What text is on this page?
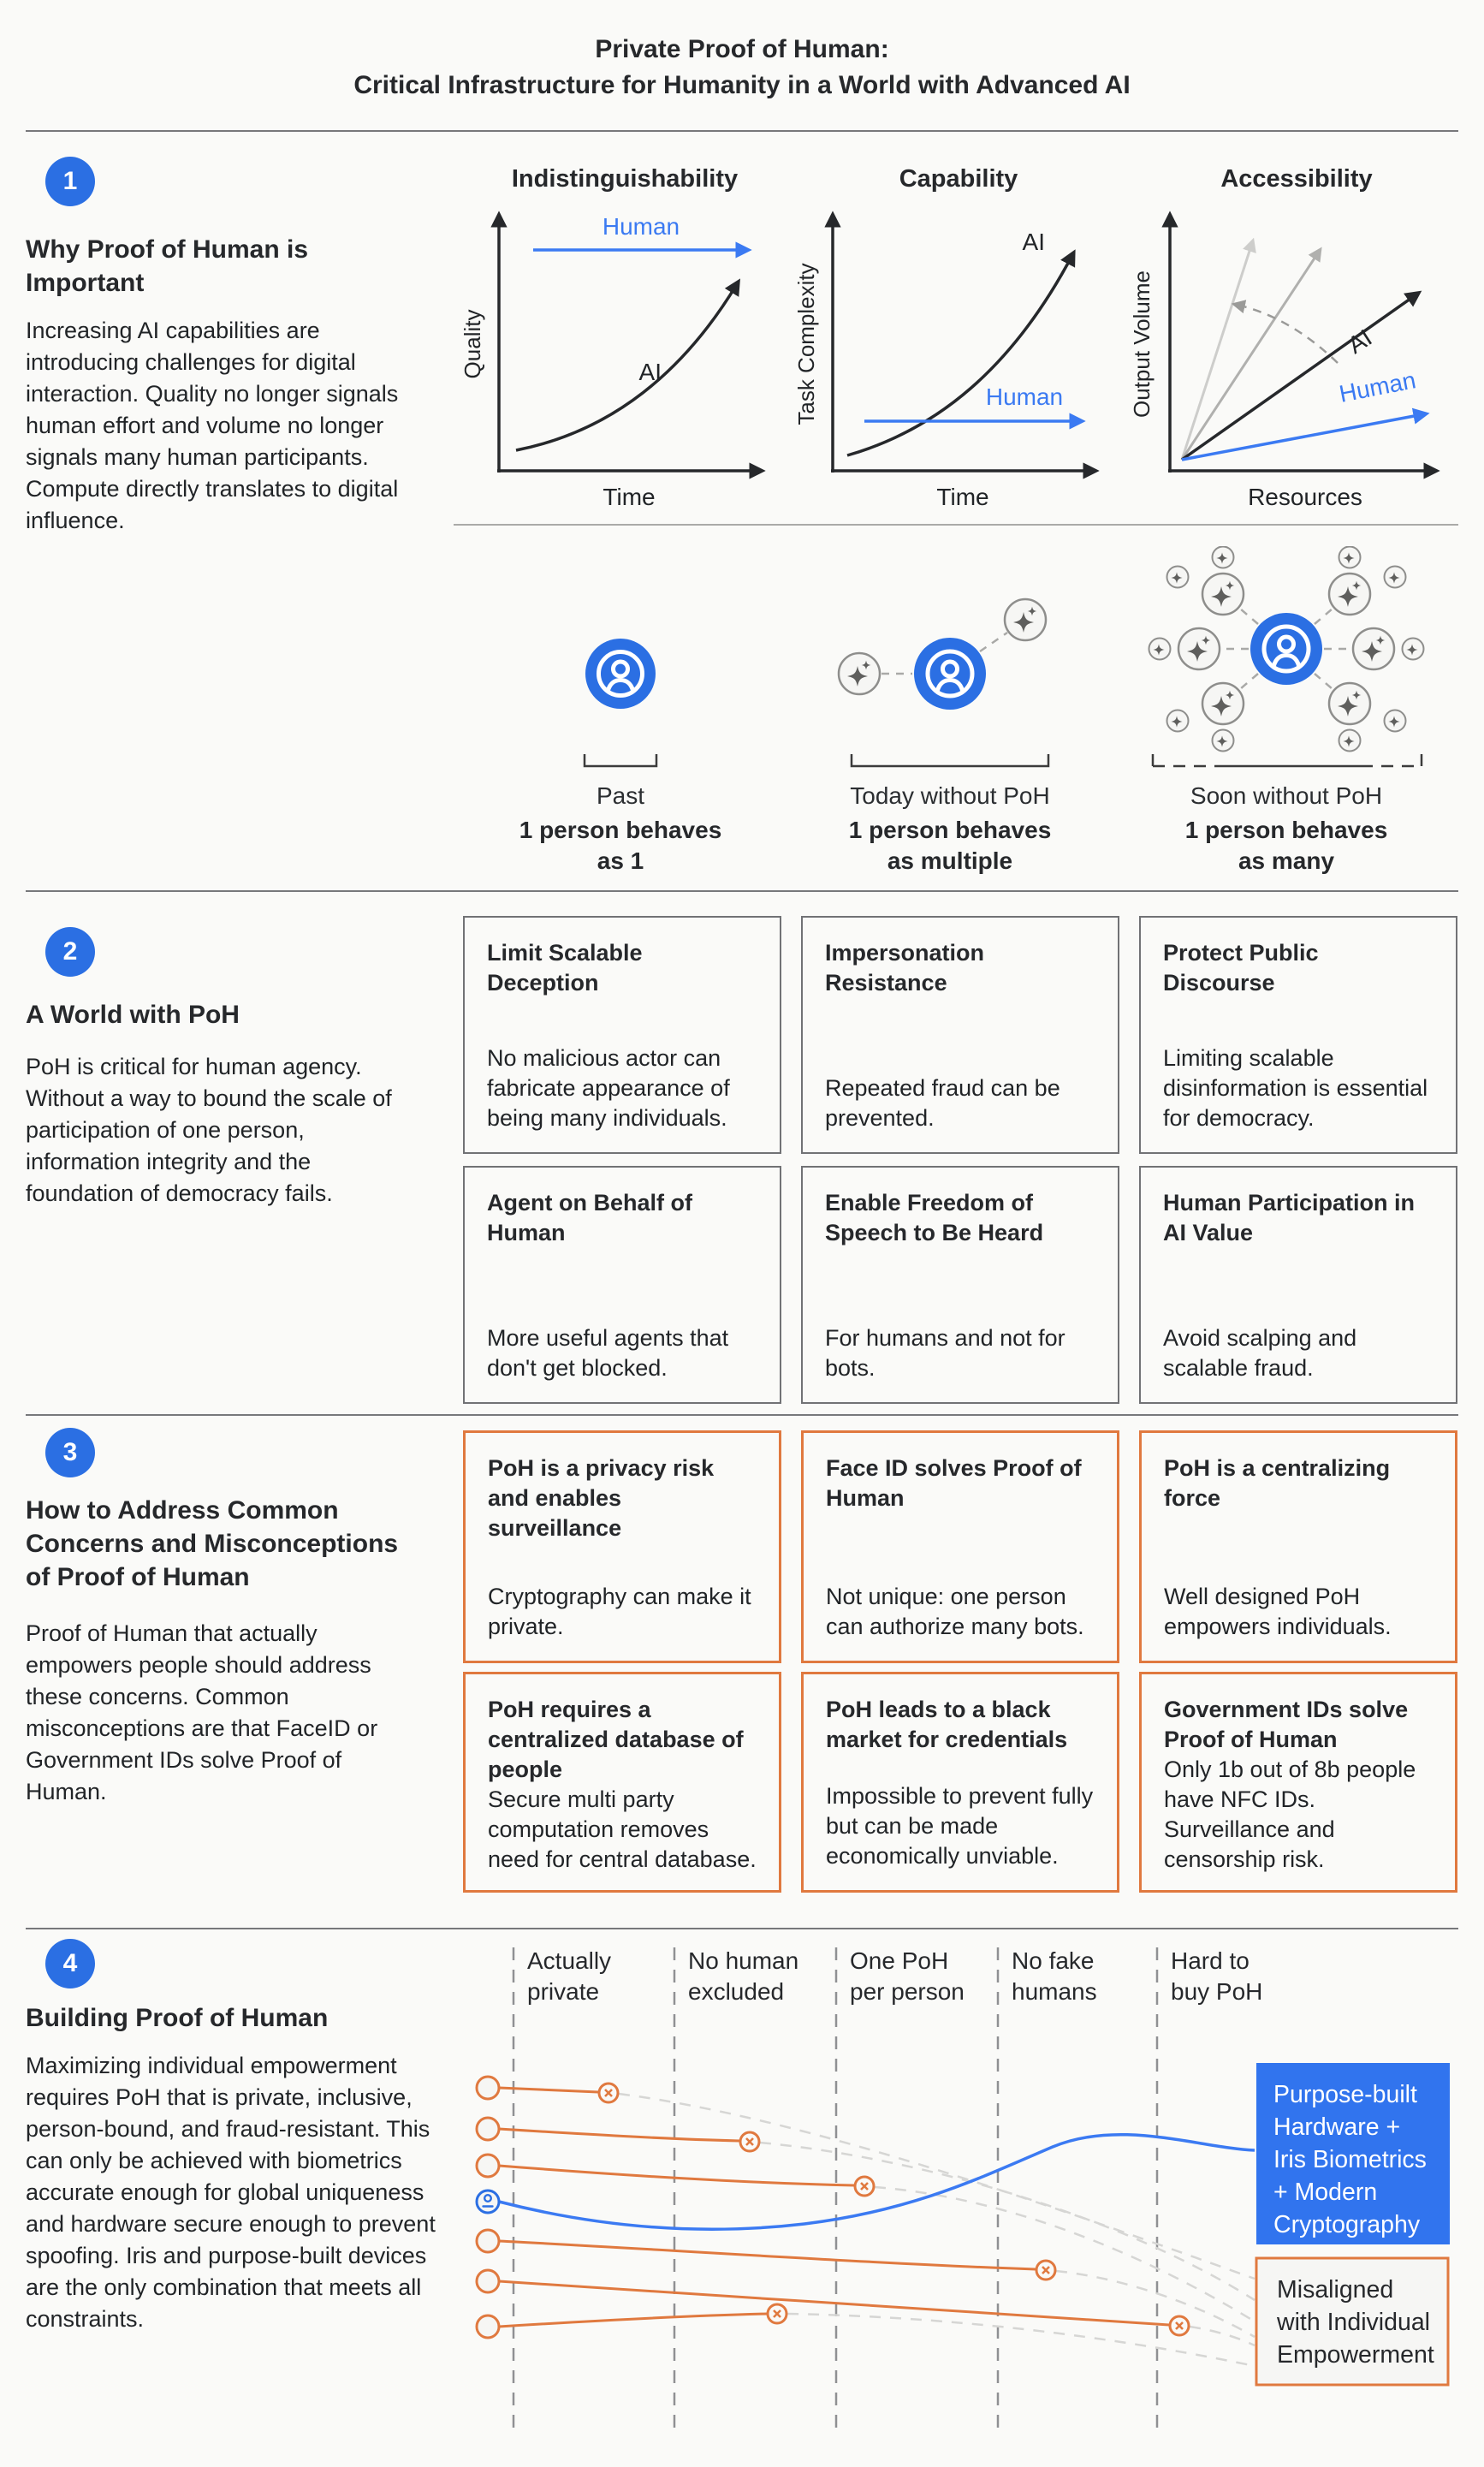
Private Proof of Human:
Critical Infrastructure for Humanity in a World with Advanced AI
1
Why Proof of Human is Important
Increasing AI capabilities are introducing challenges for digital interaction. Quality no longer signals human effort and volume no longer signals many human participants. Compute directly translates to digital influence.
Indistinguishability
Quality
Time
Human
AI
Capability
Task Complexity
Time
AI
Human
Accessibility
Output Volume
Resources
AI
Human
Past
1 person behaves
as 1
Today without PoH
1 person behaves
as multiple
Soon without PoH
1 person behaves
as many
2
A World with PoH
PoH is critical for human agency. Without a way to bound the scale of participation of one person, information integrity and the foundation of democracy fails.
Limit Scalable Deception
No malicious actor can fabricate appearance of being many individuals.
Impersonation Resistance
Repeated fraud can be prevented.
Protect Public Discourse
Limiting scalable disinformation is essential for democracy.
Agent on Behalf of Human
More useful agents that don't get blocked.
Enable Freedom of Speech to Be Heard
For humans and not for bots.
Human Participation in AI Value
Avoid scalping and scalable fraud.
3
How to Address Common Concerns and Misconceptions of Proof of Human
Proof of Human that actually empowers people should address these concerns. Common misconceptions are that FaceID or Government IDs solve Proof of Human.
PoH is a privacy risk and enables surveillance
Cryptography can make it private.
Face ID solves Proof of Human
Not unique: one person can authorize many bots.
PoH is a centralizing force
Well designed PoH empowers individuals.
PoH requires a centralized database of people
Secure multi party computation removes need for central database.
PoH leads to a black market for credentials
Impossible to prevent fully but can be made economically unviable.
Government IDs solve Proof of Human
Only 1b out of 8b people have NFC IDs. Surveillance and censorship risk.
4
Building Proof of Human
Maximizing individual empowerment requires PoH that is private, inclusive, person-bound, and fraud-resistant. This can only be achieved with biometrics accurate enough for global uniqueness and hardware secure enough to prevent spoofing. Iris and purpose-built devices are the only combination that meets all constraints.
Actually
private
No human
excluded
One PoH
per person
No fake
humans
Hard to
buy PoH
Purpose-built
Hardware +
Iris Biometrics
+ Modern
Cryptography
Misaligned
with Individual
Empowerment
